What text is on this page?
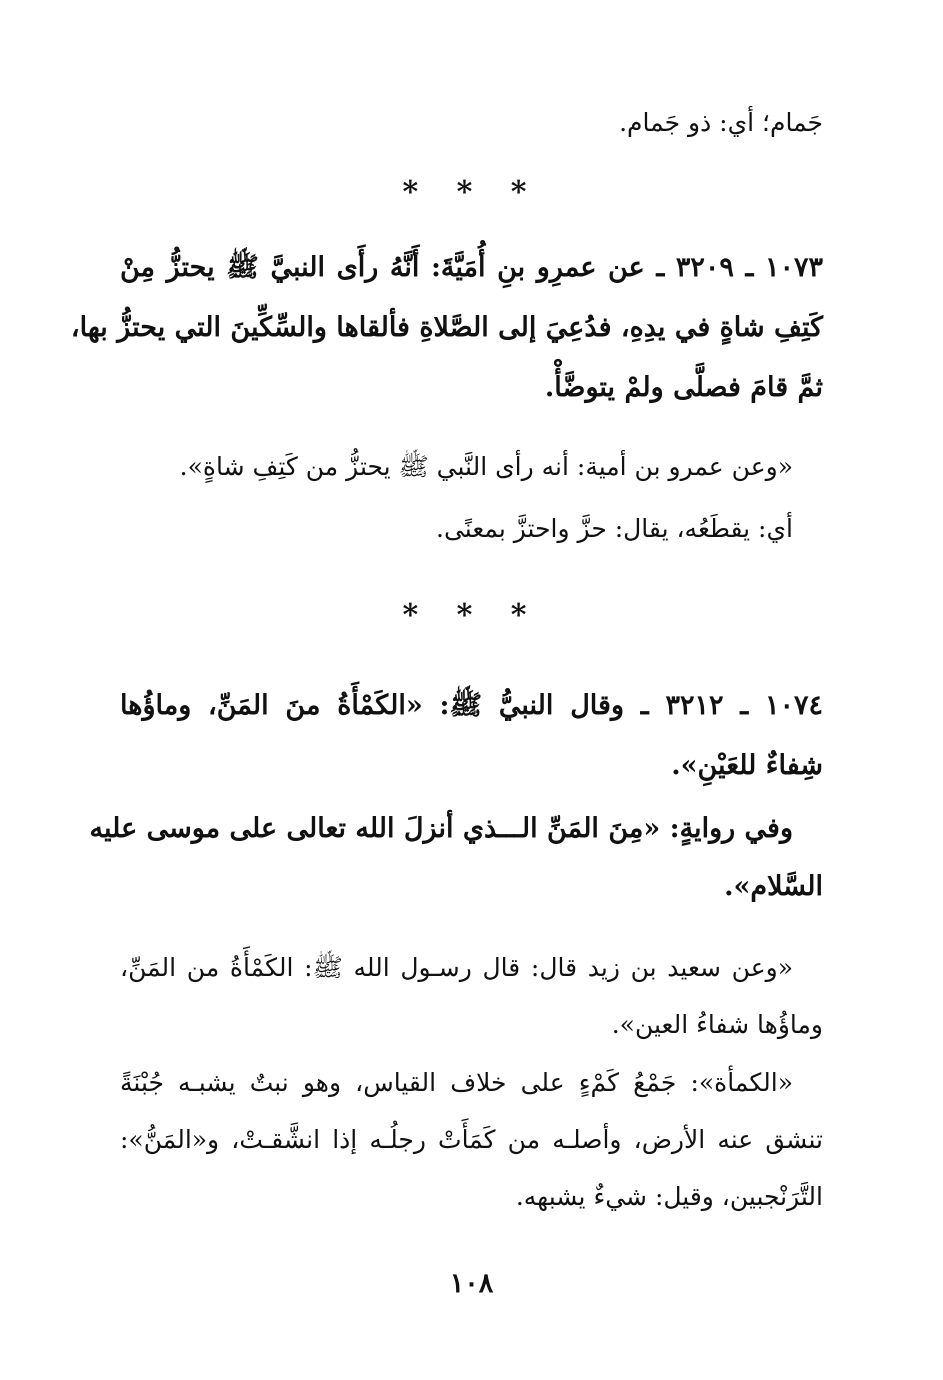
جَمام؛ أي: ذو جَمام.
* * *
١٠٧٣ ـ ٣٢٠٩ ـ عن عمرِو بنِ أُمَيَّةَ: أَنَّهُ رأَى النبيَّ ﷺ يحتزُّ مِنْ
كَتِفِ شاةٍ في يدِهِ، فدُعِيَ إلى الصَّلاةِ فألقاها والسِّكِّينَ التي يحتزُّ بها،
ثمَّ قامَ فصلَّى ولمْ يتوضَّأْ.
«وعن عمرو بن أمية: أنه رأى النَّبي ﷺ يحتزُّ من كَتِفِ شاةٍ».
أي: يقطَعُه، يقال: حزَّ واحتزَّ بمعنًى.
* * *
١٠٧٤ ـ ٣٢١٢ ـ وقال النبيُّ ﷺ: «الكَمْأَةُ منَ المَنِّ، وماؤُها
شِفاءٌ للعَيْنِ».
وفي روايةٍ: «مِنَ المَنِّ الـــذي أنزلَ الله تعالى على موسى عليه
السَّلام».
«وعن سعيد بن زيد قال: قال رسـول الله ﷺ: الكَمْأَةُ من المَنِّ،
وماؤُها شفاءُ العين».
«الكمأة»: جَمْعُ كَمْءٍ على خلاف القياس، وهو نبتٌ يشبـه جُبْنَةً
تنشق عنه الأرض، وأصلـه من كَمَأَتْ رجلُـه إذا انشَّقـتْ، و«المَنُّ»:
التَّرَنْجبين، وقيل: شيءٌ يشبهه.
١٠٨
